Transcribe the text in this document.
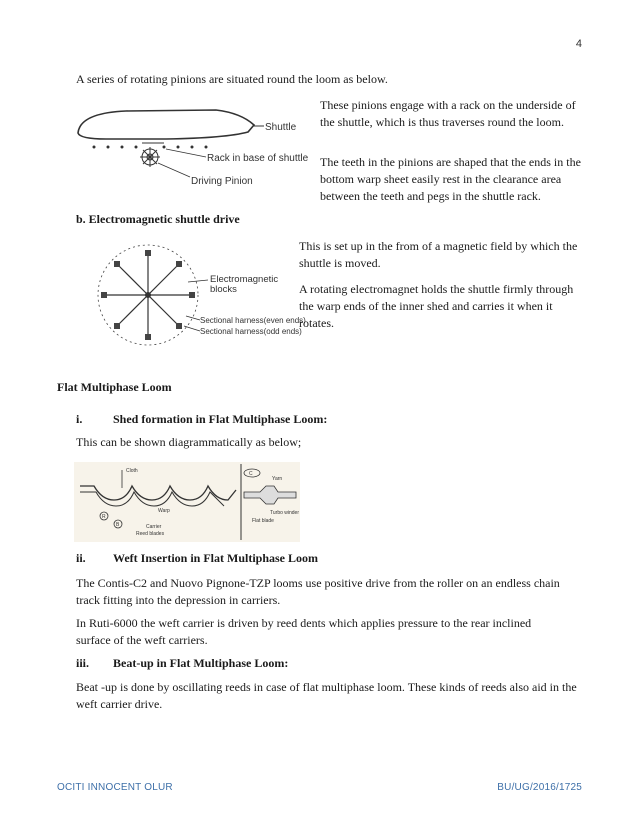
4
A series of rotating pinions are situated round the loom as below.
Shuttle
Rack in base of shuttle
Driving Pinion
These pinions engage with a rack on the underside of the shuttle, which is thus traverses round the loom.
The teeth in the pinions are shaped that the ends in the bottom warp sheet easily rest in the clearance area between the teeth and pegs in the shuttle rack.
b. Electromagnetic shuttle drive
Electromagnetic
blocks
Sectional harness(even ends)
Sectional harness(odd ends)
This is set up in the from of a magnetic field by which the shuttle is moved.
A rotating electromagnet holds the shuttle firmly through the warp ends of the inner shed and carries it when it rotates.
Flat Multiphase Loom
i.	Shed formation in Flat Multiphase Loom:
This can be shown diagrammatically as below;
Cloth	C
Yarn
Turbo winder
Flat blade
R
B
Warp
Carrier
Reed blades
ii. Weft Insertion in Flat Multiphase Loom
The Contis-C2 and Nuovo Pignone-TZP looms use positive drive from the roller on an endless chain track fitting into the depression in carriers.
In Ruti-6000 the weft carrier is driven by reed dents which applies pressure to the rear inclined surface of the weft carriers.
iii. Beat-up in Flat Multiphase Loom:
Beat -up is done by oscillating reeds in case of flat multiphase loom. These kinds of reeds also aid in the weft carrier drive.
OCITI INNOCENT OLUR	BU/UG/2016/1725
